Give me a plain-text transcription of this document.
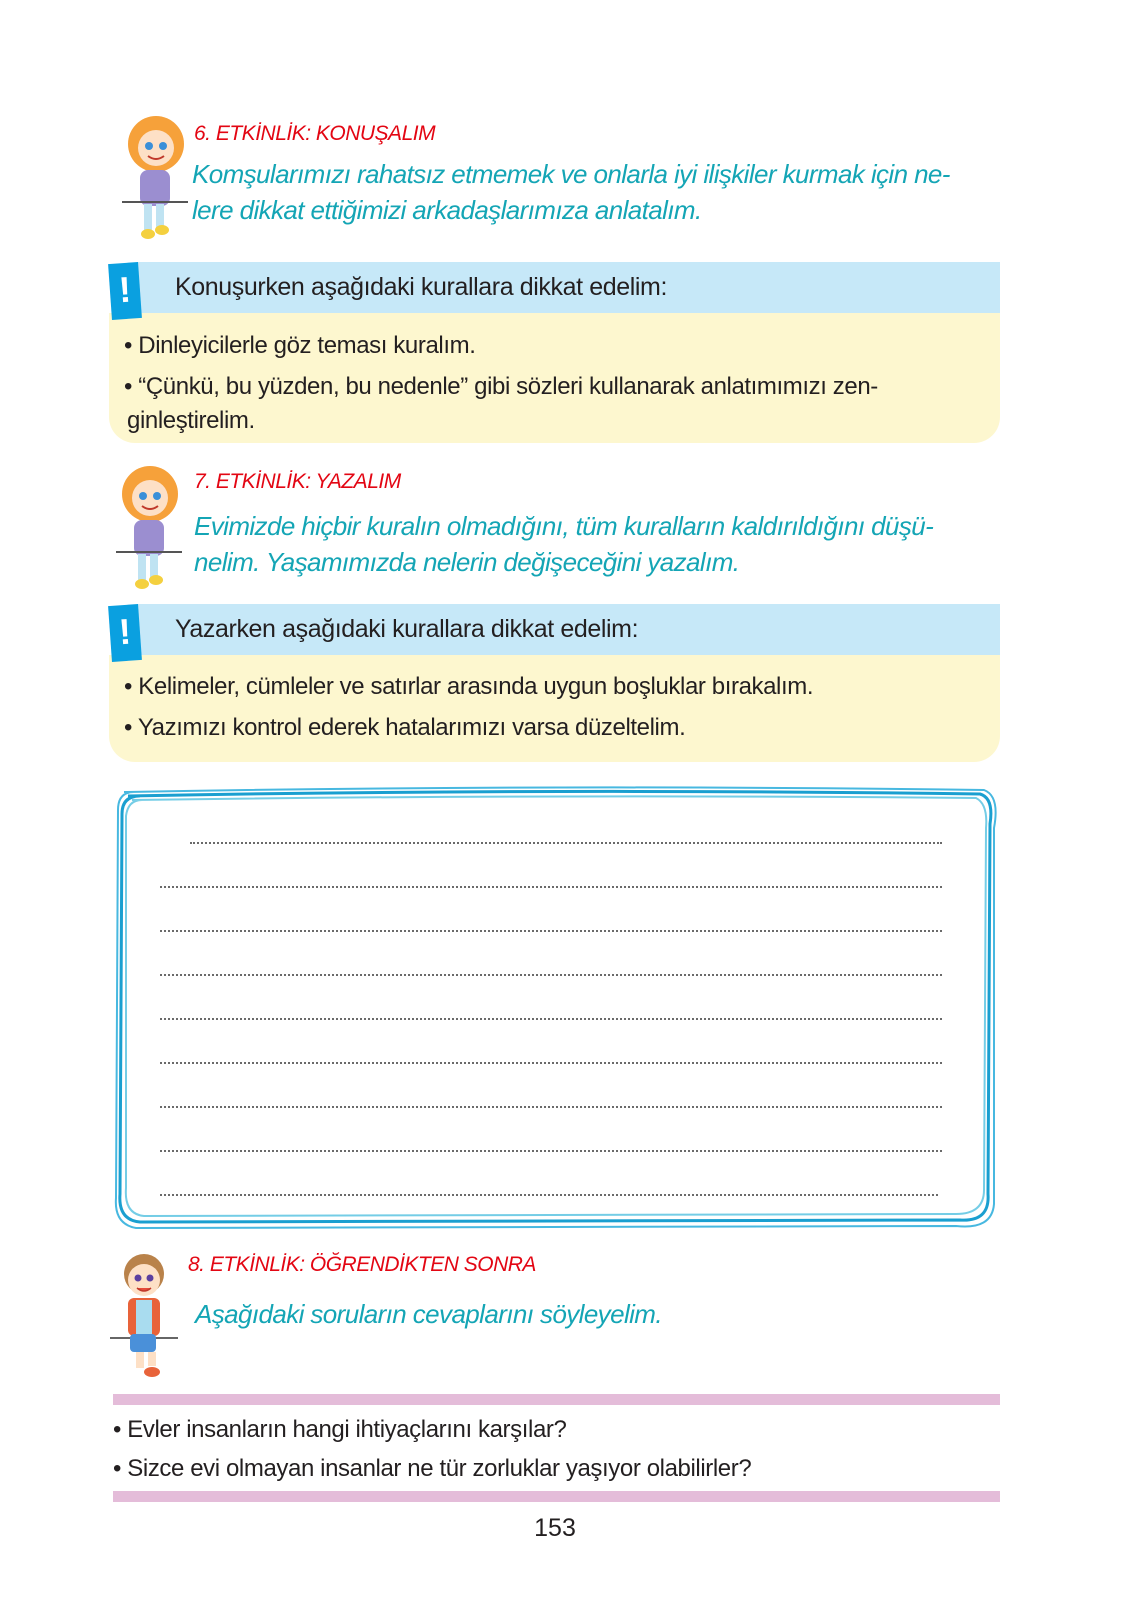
6. ETKİNLİK: KONUŞALIM
Komşularımızı rahatsız etmemek ve onlarla iyi ilişkiler kurmak için ne-
lere dikkat ettiğimizi arkadaşlarımıza anlatalım.
Konuşurken aşağıdaki kurallara dikkat edelim:
!
• Dinleyicilerle göz teması kuralım.
• “Çünkü, bu yüzden, bu nedenle” gibi sözleri kullanarak anlatımımızı zen-
ginleştirelim.
7. ETKİNLİK: YAZALIM
Evimizde hiçbir kuralın olmadığını, tüm kuralların kaldırıldığını düşü-
nelim. Yaşamımızda nelerin değişeceğini yazalım.
Yazarken aşağıdaki kurallara dikkat edelim:
!
• Kelimeler, cümleler ve satırlar arasında uygun boşluklar bırakalım.
• Yazımızı kontrol ederek hatalarımızı varsa düzeltelim.
8. ETKİNLİK: ÖĞRENDİKTEN SONRA
Aşağıdaki soruların cevaplarını söyleyelim.
• Evler insanların hangi ihtiyaçlarını karşılar?
• Sizce evi olmayan insanlar ne tür zorluklar yaşıyor olabilirler?
153
